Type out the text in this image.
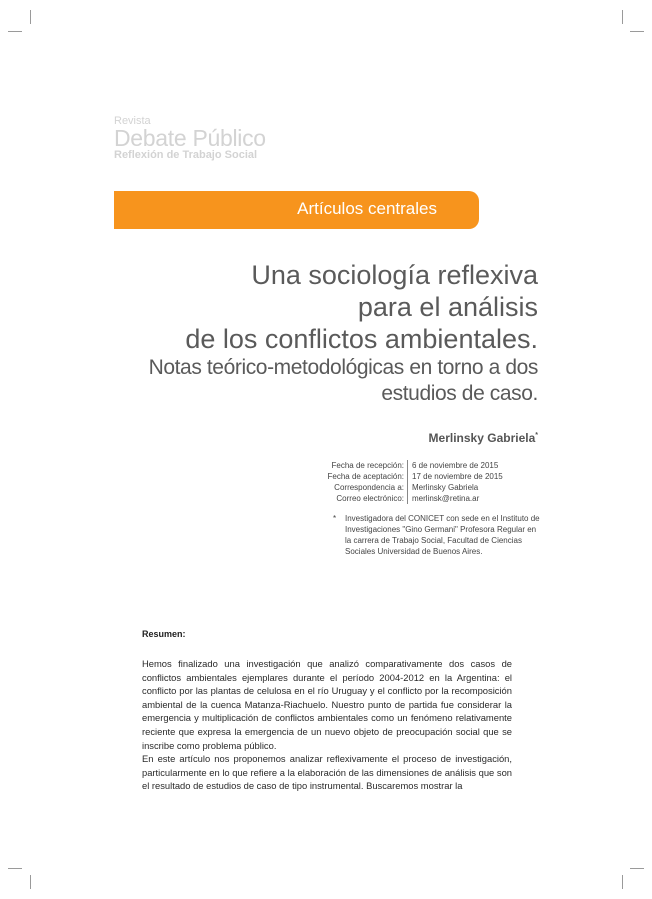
Revista
Debate Público
Reflexión de Trabajo Social
Artículos centrales
Una sociología reflexiva
para el análisis
de los conflictos ambientales.
Notas teórico-metodológicas en torno a dos
estudios de caso.
Merlinsky Gabriela*
Fecha de recepción:	6 de noviembre de 2015
Fecha de aceptación:	17 de noviembre de 2015
Correspondencia a:	Merlinsky Gabriela
Correo electrónico:	merlinsk@retina.ar
*	Investigadora del CONICET con sede en el Instituto de Investigaciones "Gino Germani" Profesora Regular en la carrera de Trabajo Social, Facultad de Ciencias Sociales Universidad de Buenos Aires.
Resumen:

Hemos finalizado una investigación que analizó comparativamente dos casos de conflictos ambientales ejemplares durante el período 2004-2012 en la Argentina: el conflicto por las plantas de celulosa en el río Uruguay y el conflicto por la recomposición ambiental de la cuenca Matanza-Riachuelo. Nuestro punto de partida fue considerar la emergencia y multiplicación de conflictos ambientales como un fenómeno relativamente reciente que expresa la emergencia de un nuevo objeto de preocupación social que se inscribe como problema público.

En este artículo nos proponemos analizar reflexivamente el proceso de investigación, particularmente en lo que refiere a la elaboración de las dimensiones de análisis que son el resultado de estudios de caso de tipo instrumental. Buscaremos mostrar la
